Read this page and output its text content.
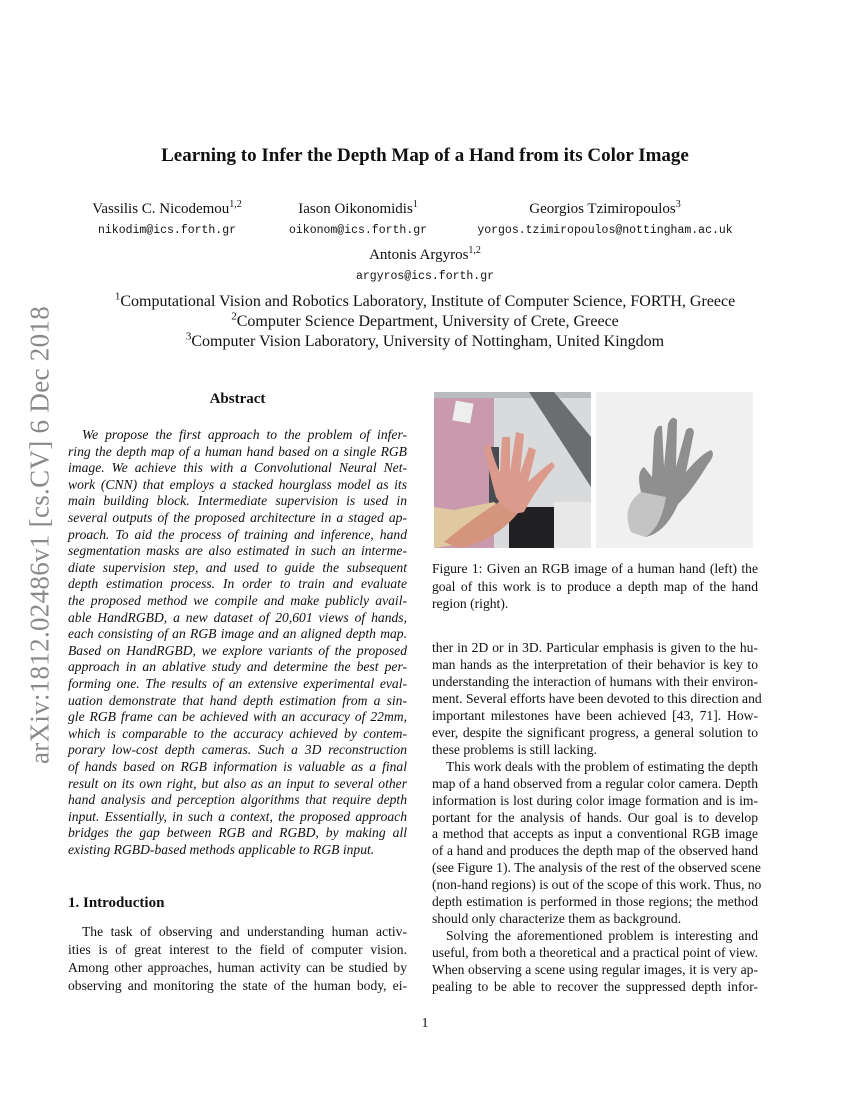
Learning to Infer the Depth Map of a Hand from its Color Image
Vassilis C. Nicodemou$^{1,2}$	Iason Oikonomidis$^1$	Georgios Tzimiropoulos$^3$
nikodim@ics.forth.gr	oikonom@ics.forth.gr	yorgos.tzimiropoulos@nottingham.ac.uk
Antonis Argyros$^{1,2}$
argyros@ics.forth.gr
$^1$Computational Vision and Robotics Laboratory, Institute of Computer Science, FORTH, Greece
$^2$Computer Science Department, University of Crete, Greece
$^3$Computer Vision Laboratory, University of Nottingham, United Kingdom
arXiv:1812.02486v1 [cs.CV] 6 Dec 2018	Abstract
We propose the first approach to the problem of infer-
ring the depth map of a human hand based on a single RGB
image. We achieve this with a Convolutional Neural Net-
work (CNN) that employs a stacked hourglass model as its
main building block. Intermediate supervision is used in
several outputs of the proposed architecture in a staged ap-
proach. To aid the process of training and inference, hand
segmentation masks are also estimated in such an interme-
diate supervision step, and used to guide the subsequent
depth estimation process. In order to train and evaluate
the proposed method we compile and make publicly avail-
able HandRGBD, a new dataset of 20,601 views of hands,
each consisting of an RGB image and an aligned depth map.
Based on HandRGBD, we explore variants of the proposed
approach in an ablative study and determine the best per-
forming one. The results of an extensive experimental eval-
uation demonstrate that hand depth estimation from a sin-
gle RGB frame can be achieved with an accuracy of 22mm,
which is comparable to the accuracy achieved by contem-
porary low-cost depth cameras. Such a 3D reconstruction
of hands based on RGB information is valuable as a final
result on its own right, but also as an input to several other
hand analysis and perception algorithms that require depth
input. Essentially, in such a context, the proposed approach
bridges the gap between RGB and RGBD, by making all
existing RGBD-based methods applicable to RGB input.
1. Introduction
The task of observing and understanding human activ-
ities is of great interest to the field of computer vision.
Among other approaches, human activity can be studied by
observing and monitoring the state of the human body, ei-
Figure 1: Given an RGB image of a human hand (left) the
goal of this work is to produce a depth map of the hand
region (right).
ther in 2D or in 3D. Particular emphasis is given to the hu-
man hands as the interpretation of their behavior is key to
understanding the interaction of humans with their environ-
ment. Several efforts have been devoted to this direction and
important milestones have been achieved [43, 71]. How-
ever, despite the significant progress, a general solution to
these problems is still lacking.
This work deals with the problem of estimating the depth
map of a hand observed from a regular color camera. Depth
information is lost during color image formation and is im-
portant for the analysis of hands. Our goal is to develop
a method that accepts as input a conventional RGB image
of a hand and produces the depth map of the observed hand
(see Figure 1). The analysis of the rest of the observed scene
(non-hand regions) is out of the scope of this work. Thus, no
depth estimation is performed in those regions; the method
should only characterize them as background.
Solving the aforementioned problem is interesting and
useful, from both a theoretical and a practical point of view.
When observing a scene using regular images, it is very ap-
pealing to be able to recover the suppressed depth infor-
1
